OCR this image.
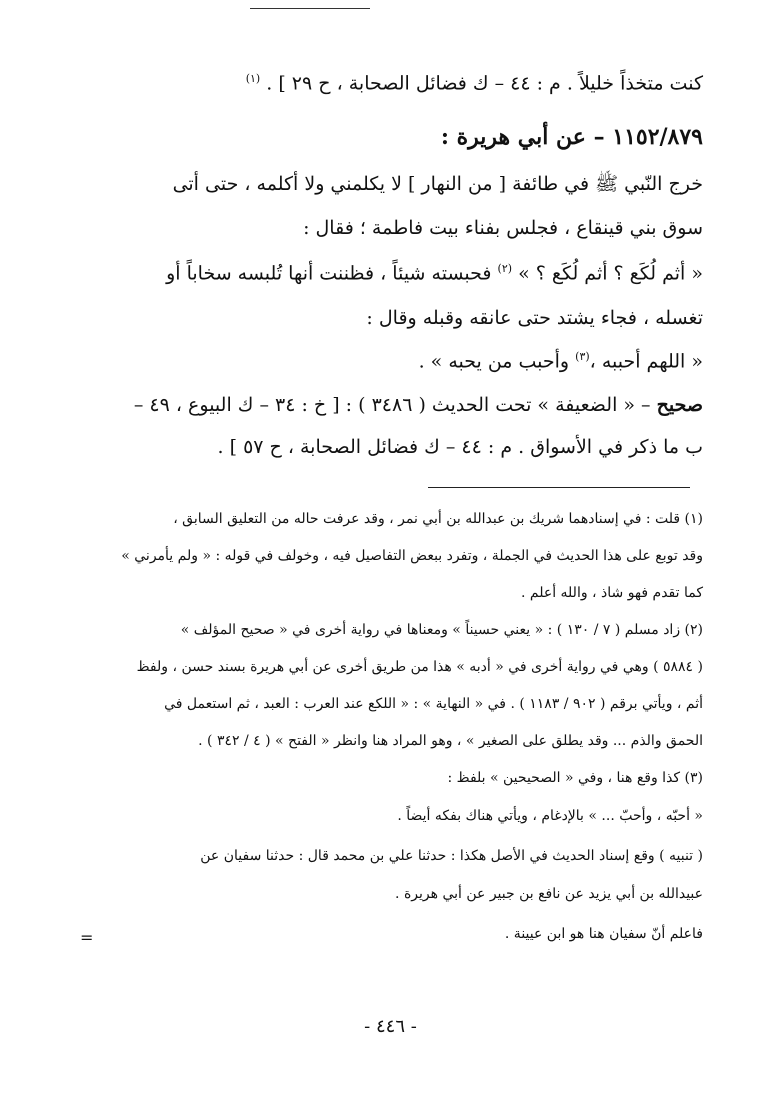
كنت متخذاً خليلاً . م : ٤٤ – ك فضائل الصحابة ، ح ٢٩ ] . $^{(١)}$
١١٥٢/٨٧٩ – عن أبي هريرة :
خرج النّبي ﷺ في طائفة [ من النهار ] لا يكلمني ولا أكلمه ، حتى أتى
سوق بني قينقاع ، فجلس بفناء بيت فاطمة ؛ فقال :
« أثم لُكَع ؟ أثم لُكَع ؟ » $^{(٢)}$ فحبسته شيئاً ، فظننت أنها تُلبسه سخاباً أو
تغسله ، فجاء يشتد حتى عانقه وقبله وقال :
« اللهم أحببه ،$^{(٣)}$ وأحبب من يحبه » .
صحيح – « الضعيفة » تحت الحديث ( ٣٤٨٦ ) : [ خ : ٣٤ – ك البيوع ، ٤٩ –
ب ما ذكر في الأسواق . م : ٤٤ – ك فضائل الصحابة ، ح ٥٧ ] .
(١) قلت : في إسنادهما شريك بن عبدالله بن أبي نمر ، وقد عرفت حاله من التعليق السابق ،
وقد توبع على هذا الحديث في الجملة ، وتفرد ببعض التفاصيل فيه ، وخولف في قوله : « ولم يأمرني »
كما تقدم فهو شاذ ، والله أعلم .
(٢) زاد مسلم ( ٧ / ١٣٠ ) : « يعني حسيناً » ومعناها في رواية أخرى في « صحيح المؤلف »
( ٥٨٨٤ ) وهي في رواية أخرى في « أدبه » هذا من طريق أخرى عن أبي هريرة بسند حسن ، ولفظ
أثم ، ويأتي برقم ( ٩٠٢ / ١١٨٣ ) . في « النهاية » : « اللكع عند العرب : العبد ، ثم استعمل في
الحمق والذم ... وقد يطلق على الصغير » ، وهو المراد هنا وانظر « الفتح » ( ٤ / ٣٤٢ ) .
(٣) كذا وقع هنا ، وفي « الصحيحين » بلفظ :
« أحبّه ، وأحبّ ... » بالإدغام ، ويأتي هناك بفكه أيضاً .
( تنبيه ) وقع إسناد الحديث في الأصل هكذا : حدثنا علي بن محمد قال : حدثنا سفيان عن
عبيدالله بن أبي يزيد عن نافع بن جبير عن أبي هريرة .
فاعلم أنّ سفيان هنا هو ابن عيينة .
=
- ٤٤٦ -
